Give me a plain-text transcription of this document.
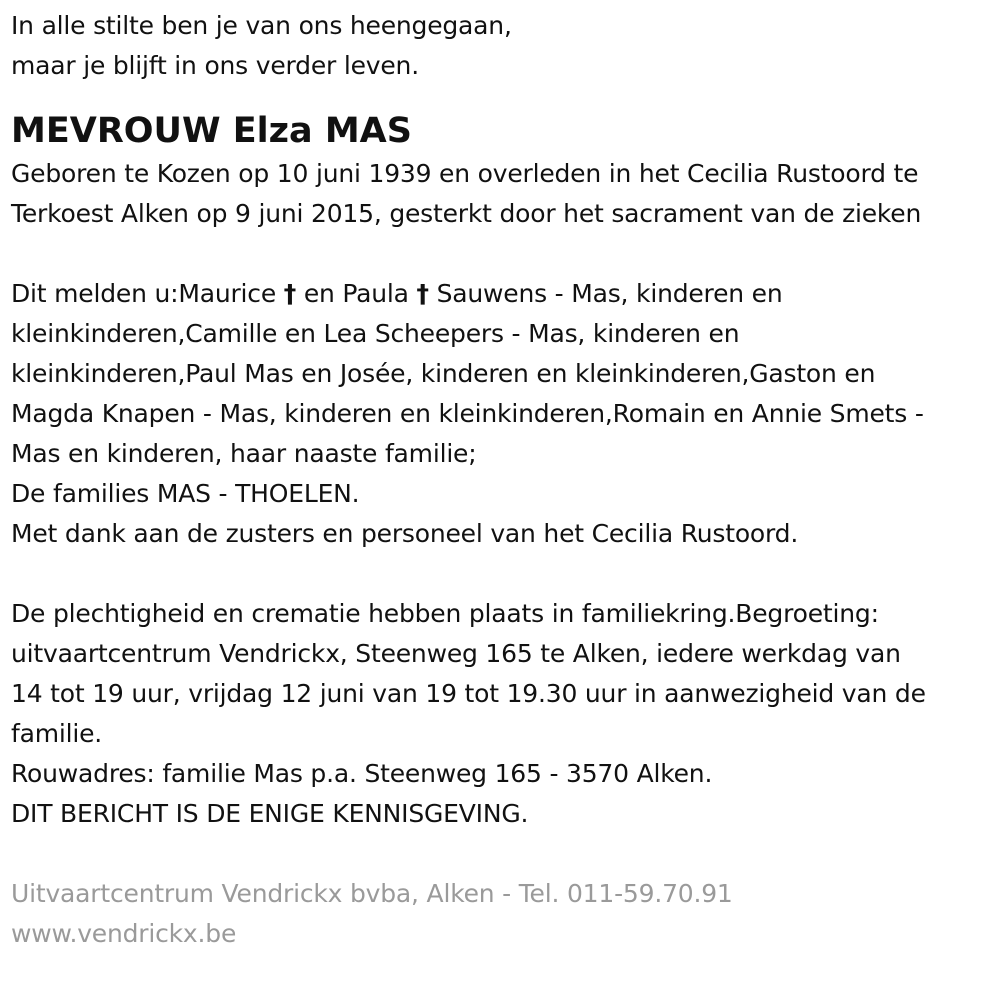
In alle stilte ben je van ons heengegaan,
maar je blijft in ons verder leven.
MEVROUW Elza MAS
Geboren te Kozen op 10 juni 1939 en overleden in het Cecilia Rustoord te
Terkoest Alken op 9 juni 2015, gesterkt door het sacrament van de zieken
Dit melden u:Maurice † en Paula † Sauwens - Mas, kinderen en
kleinkinderen,Camille en Lea Scheepers - Mas, kinderen en
kleinkinderen,Paul Mas en Josée, kinderen en kleinkinderen,Gaston en
Magda Knapen - Mas, kinderen en kleinkinderen,Romain en Annie Smets -
Mas en kinderen, haar naaste familie;
De families MAS - THOELEN.
Met dank aan de zusters en personeel van het Cecilia Rustoord.
De plechtigheid en crematie hebben plaats in familiekring.Begroeting:
uitvaartcentrum Vendrickx, Steenweg 165 te Alken, iedere werkdag van
14 tot 19 uur, vrijdag 12 juni van 19 tot 19.30 uur in aanwezigheid van de
familie.
Rouwadres: familie Mas p.a. Steenweg 165 - 3570 Alken.
DIT BERICHT IS DE ENIGE KENNISGEVING.
Uitvaartcentrum Vendrickx bvba, Alken - Tel. 011-59.70.91
www.vendrickx.be
